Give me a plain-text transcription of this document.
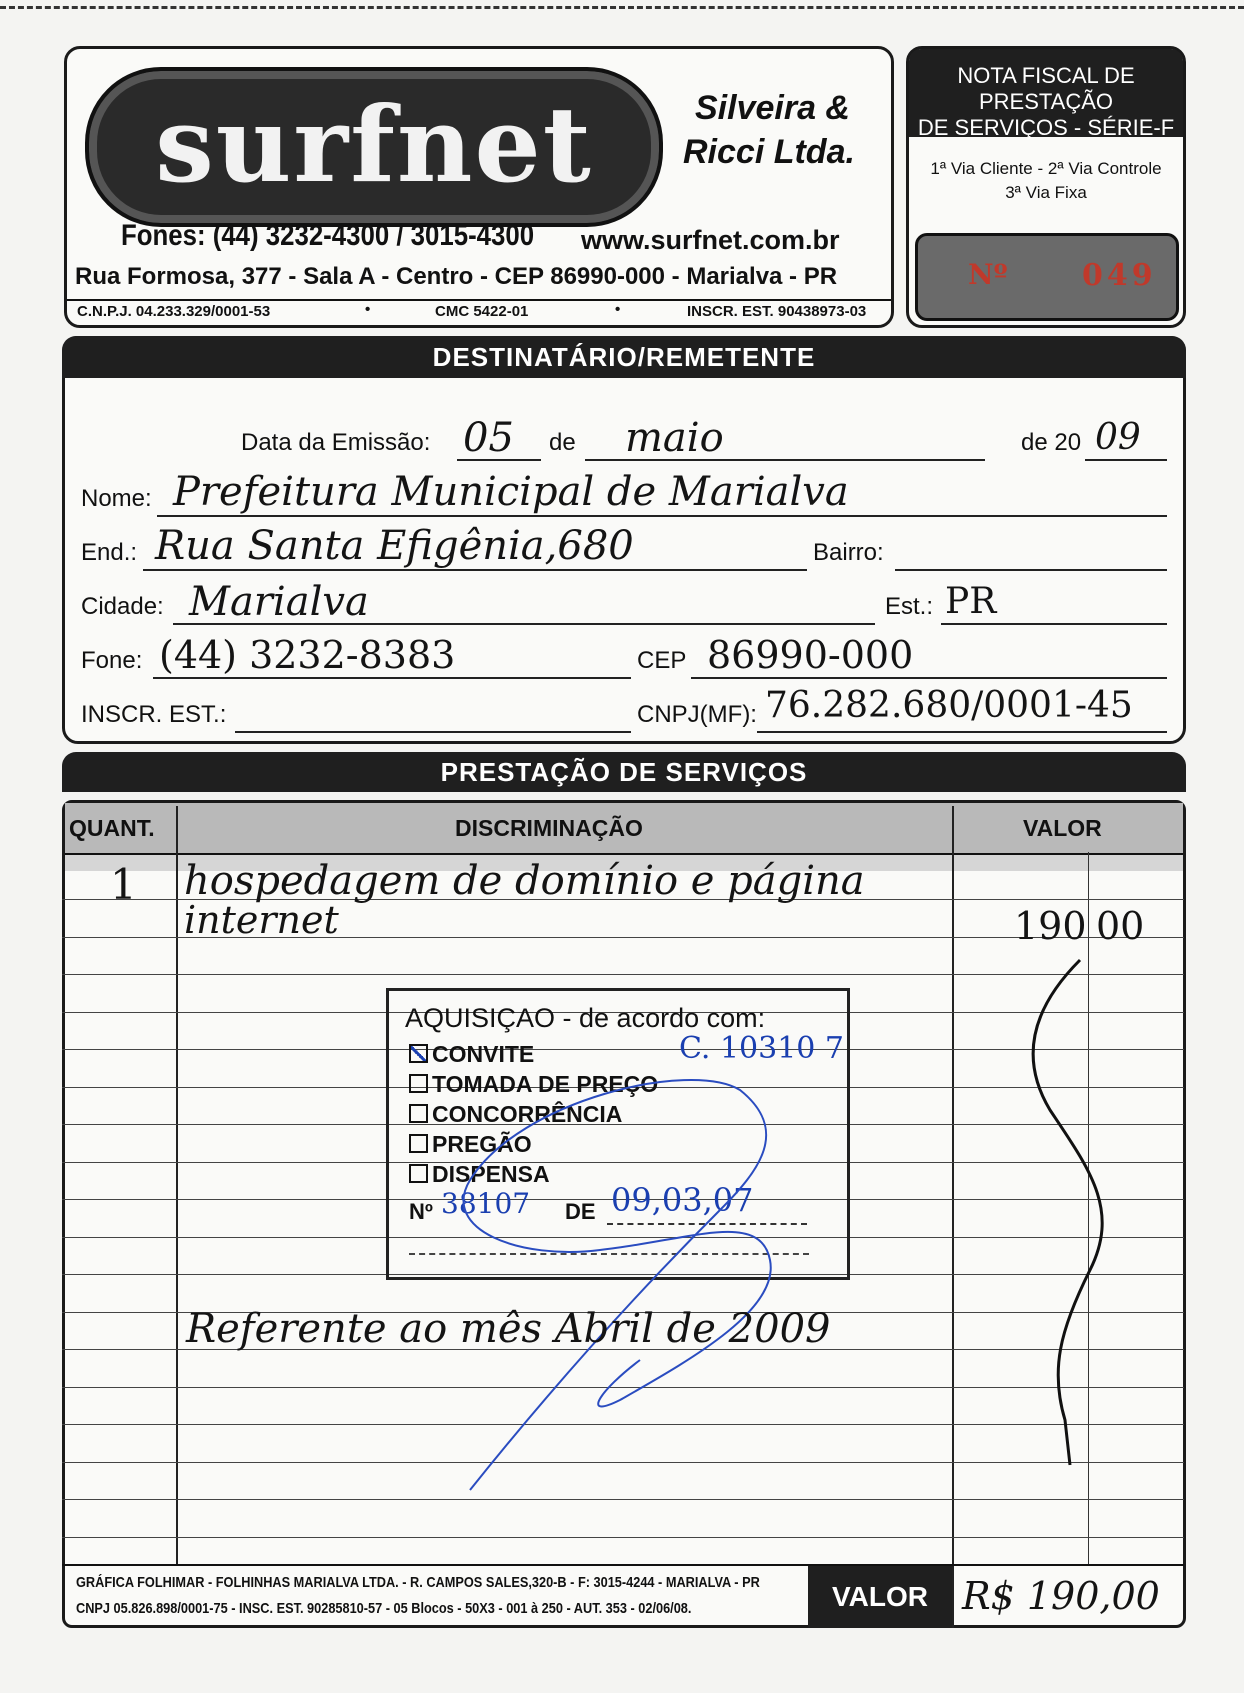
surfnet	Silveira &
Ricci Ltda.
Fones: (44) 3232-4300 / 3015-4300 www.surfnet.com.br
Rua Formosa, 377 - Sala A - Centro - CEP 86990-000 - Marialva - PR
C.N.P.J. 04.233.329/0001-53	•	CMC 5422-01	•	INSCR. EST. 90438973-03
NOTA FISCAL DE PRESTAÇÃO
DE SERVIÇOS - SÉRIE-F
1ª Via Cliente - 2ª Via Controle
3ª Via Fixa
Nº 049
DESTINATÁRIO/REMETENTE
Data da Emissão: 05 de maio	de 20 09
Nome: Prefeitura Municipal de Marialva
End.: Rua Santa Efigênia,680	Bairro:
Cidade: Marialva	Est.: PR
Fone: (44) 3232-8383	CEP 86990-000
INSCR. EST.:	CNPJ(MF): 76.282.680/0001-45
PRESTAÇÃO DE SERVIÇOS
QUANT.	DISCRIMINAÇÃO	VALOR
1 hospedagem de domínio e página
internet	190 00
AQUISIÇAO - de acordo com:
CONVITE	C. 10310 7
TOMADA DE PREÇO
CONCORRÊNCIA
PREGÃO
DISPENSA
Nº 38107 DE 09,03,07
Referente ao mês Abril de 2009
GRÁFICA FOLHIMAR - FOLHINHAS MARIALVA LTDA. - R. CAMPOS SALES,320-B - F: 3015-4244 - MARIALVA - PR
CNPJ 05.826.898/0001-75 - INSC. EST. 90285810-57 - 05 Blocos - 50X3 - 001 à 250 - AUT. 353 - 02/06/08.	VALOR R$ 190,00
